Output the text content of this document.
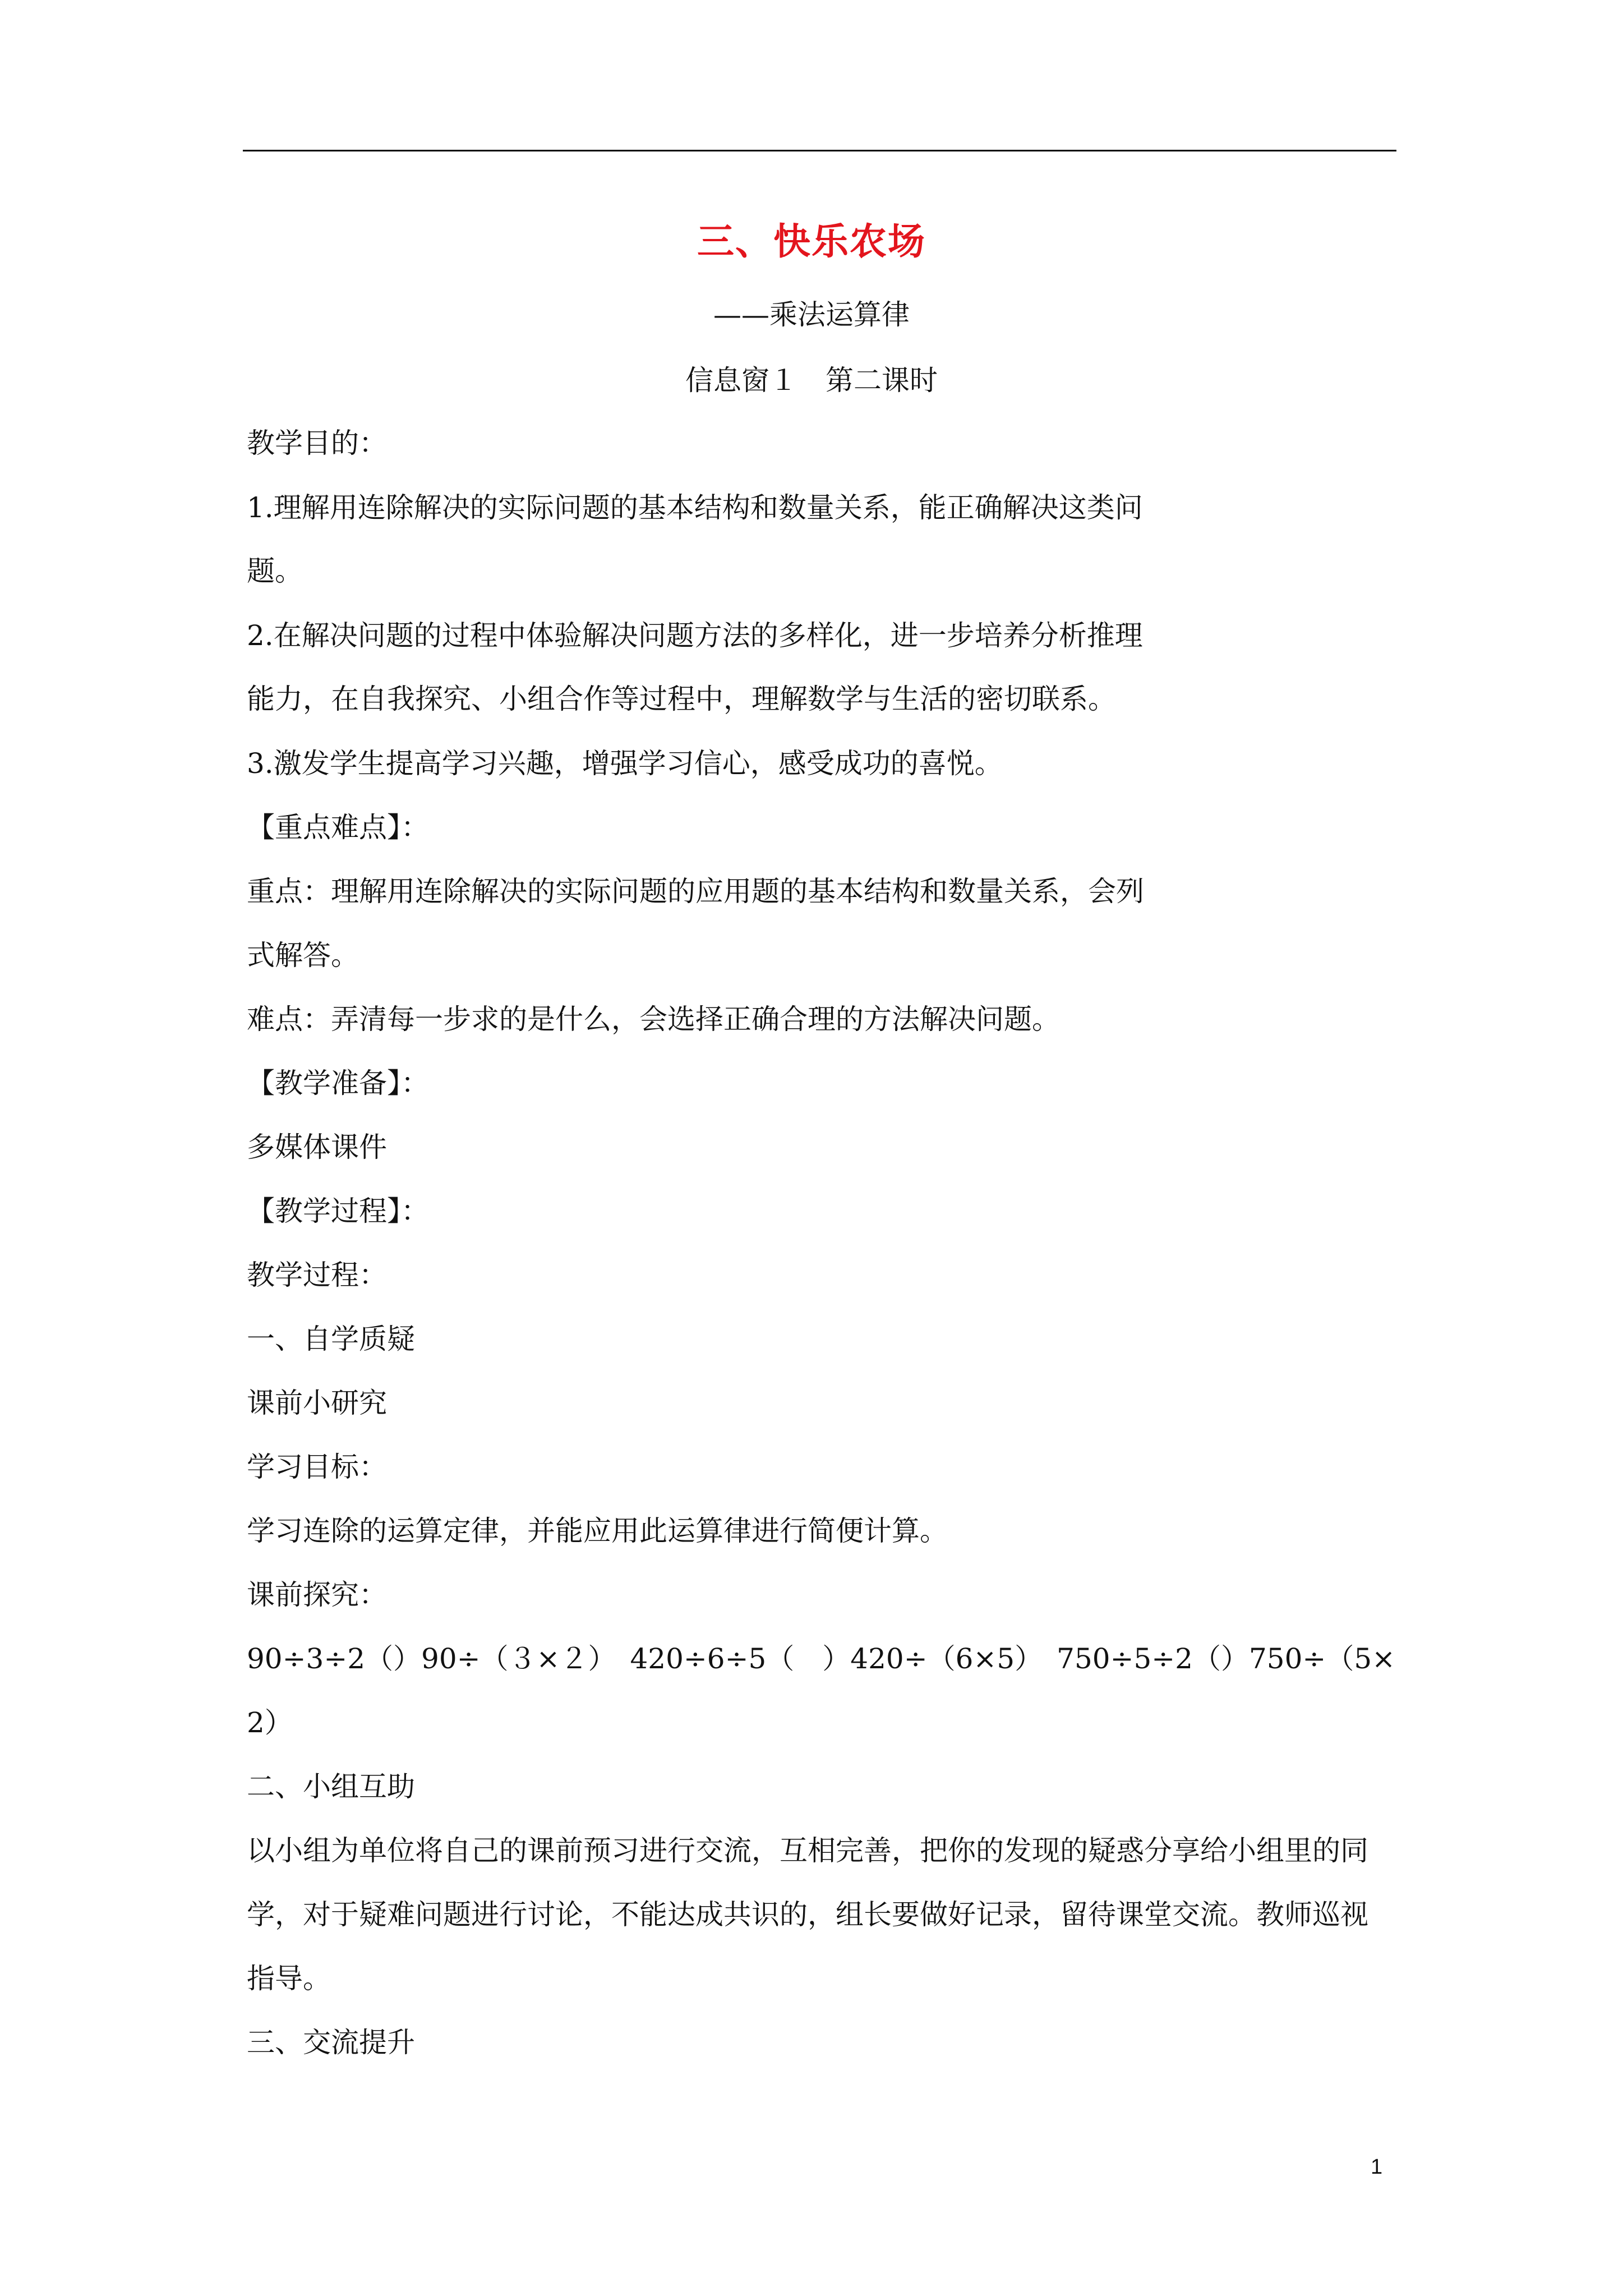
三、快乐农场
——乘法运算律
信息窗１　第二课时
教学目的：
1.理解用连除解决的实际问题的基本结构和数量关系，能正确解决这类问
题。
2.在解决问题的过程中体验解决问题方法的多样化，进一步培养分析推理
能力，在自我探究、小组合作等过程中，理解数学与生活的密切联系。
3.激发学生提高学习兴趣，增强学习信心，感受成功的喜悦。
【重点难点】：
重点：理解用连除解决的实际问题的应用题的基本结构和数量关系，会列
式解答。
难点：弄清每一步求的是什么，会选择正确合理的方法解决问题。
【教学准备】：
多媒体课件
【教学过程】：
教学过程：
一、自学质疑
课前小研究
学习目标：
学习连除的运算定律，并能应用此运算律进行简便计算。
课前探究：
90÷3÷2（）90÷（３×２）　420÷6÷5（　）420÷（6×5）　750÷5÷2（）750÷（5×
2）
二、小组互助
以小组为单位将自己的课前预习进行交流，互相完善，把你的发现的疑惑分享给小组里的同
学，对于疑难问题进行讨论，不能达成共识的，组长要做好记录，留待课堂交流。教师巡视
指导。
三、交流提升
1
